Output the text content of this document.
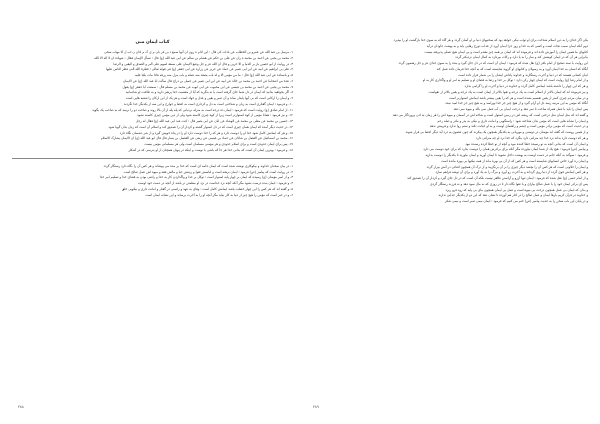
كتاب ايمان منی

۱- مرسل بن عبد الله عن عمرو بن الخطاب عن نادات کی قال : این ادام ه رون ان آنها سمع د بن غر بان م ی ک م ادان ن اب ل کا مهاب سخی

۲- محمد بن یحیی عن احمد بن محمد ه ران عن علی بن حکم عن هشام بن سالم عن ابی عبد الله (ع) قال : تسأل الإیمان فقال : شهادة ان لا اله الا الله

۳- در روايت از ابو حصين باز بر الدنيا و الا خرين و قال ان الله عز و جل وضع الايمان على سبعة اسهم على البر و الصدق و اليقين و الرضا

۴- علی بن ابراهیم عن ابیه عن ابن ابی عمیر عن حماد عن حریز عن زراره عن ابی جعفر (ع) فی قوله تعالی : فطرة الله التی فطر الناس علیها

۵- و باسناده عن ابی عبد الله (ع) قال : ما من مؤمن الا و له باب یصعد منه عمله و باب ینزل منه رزقه فاذا مات بکیا علیه

۶- عدة من اصحابنا عن احمد بن محمد بن خالد عن ابیه عن ابن ابی عمیر عن جمیل بن دراج قال سألت ابا عبد الله (ع) عن الایمان

۷- محمد بن یحیی عن احمد بن محمد بن عیسی عن ابن محبوب عن ابی ایوب عن محمد بن مسلم قال : سمعت ابا جعفر (ع) یقول

۸- اگر بخواهید بدانید که ایمان در دل شما جای گرفته است یا نه بنگرید که آیا از معصیت خدا پرهیز دارید و به طاعت او شادمانید

۹- و ایمان را ارکانی است که بی آنها پایدار نماند و آن صبر و یقین و عدل و جهاد است و هر یک از این ارکان را شعبه هایی است

۱۰- و فرمود : ایمان گفتاری است به زبان و شناختی است به دل و کرداری است به اعضا و جوارح و این سه از یکدیگر جدا نگردند

۱۱- از امام صادق (ع) روایت است که فرمود : ایمان ده درجه است به منزله نردبانی که پله پله از آن بالا روند و صاحب دو را نرسد که به صاحب یک بگوید

۱۲- و نیز فرمود : همانا مؤمن از کوه استوارتر است زیرا از کوه چیزی کاسته شود ولی از دین مؤمن چیزی کاسته نشود

۱۳- حسین بن محمد عن معلی بن محمد عن الوشاء عن ابان عن ابی بصیر قال : کنت عند ابی عبد الله (ع) فقال له رجل

۱۴- در حدیث دیگر آمده که ایمان همان چیزی است که در دل استوار گشته و کردار آن را تصدیق کند و اسلام آن است که زبان بدان گویا شود

۱۵- و هر که ایمانش کامل شود خدا او را دوست دارد و هر که را خدا دوست دارد او را در پناه خویش گیرد و از شر دشمنان نگاه دارد

۱۶- محمد بن اسماعیل عن الفضل بن شاذان عن حماد بن عیسی عن ربعی عن الفضیل بن یسار قال قال ابو عبد الله (ع) ان الایمان یشارک الاسلام

۱۷- پس برای ایمان حدودی است و برای اسلام حدودی و هر مؤمنی مسلمان است ولی هر مسلمانی مؤمن نیست

۱۸- و فرمود : بهترین ایمان آن است که بدانی خدا هر جا که باشی با توست و اینکه در پنهان همچنان از او بترسی که در آشکار

۱- در بیان سخنان خداوند و نیکوکاری نوشته شده است که ایمان جامه ای است که خدا بر بنده می پوشاند و هر کس آن را نگاه دارد رستگار گردد

۲- در روایت است که پیامبر (ص) فرمود : ایمان برهنه است و لباسش تقوا و زینتش حیا و مالش فقه و میوه اش عمل صالح است

۳- و از امیر مؤمنان (ع) رسیده که ایمان بر چهار پایه استوار است : توکل بر خدا و واگذاردن کار به خدا و راضی بودن به قضای خدا و تسلیم امر خدا

۴- و فرمود : ایمان بنده درست نشود مگر آنکه آنچه نزد خداست در نزد او مطمئن تر باشد از آنچه در دست خود اوست

۵- و گفته اند که هر کس را این چهار خصلت باشد ایمانش کامل است : وفای به عهد و راستی در گفتار و امانت داری و نیکویی خلق

۶- و در خبر است که مؤمن را هیچ چیز از دنیا به کار نیاید مگر آنچه او را به آخرت برساند و این نشانه ایمان است

۲۸۸

یکی اگر خدای را به دین اسلام شناخت برای او ثواب نیکی خواهد بود که سختیهای دنیا بر او آسان گردد و هر گاه که به سوی خدا بازگشت او را بپذیرد

دوم آنکه ایمان سبب نجات است و کسی که به خدا و روز جزا ایمان آورد از عذاب دوزخ رهایی یابد و به بهشت جاودان درآید

کتابهای ما همین ایمان را آموزش داده اند و فرموده اند که ایمان بر همه چیز مقدم است و بی ایمان هیچ عملی پذیرفته نیست

بنابراین هر آن که در ایمان کوشش کند و نماز را به پا دارد و زکات بپردازد به کمال ایمان نزدیکتر گردد

این روایت با سند صحیح از امام باقر (ع) نقل شده که فرمود : ایمان آن است که در دل جای گیرد و بنده را به سوی خدای عز و جل رهنمون گردد

آنگاه که انسان به خدا ایمان آورد و به رسولان و کتابهای او گروید شایسته است که به آنچه خدا فرمان داده عمل کند

اینان کسانی هستند که در دنیا و آخرت رستگارند و خداوند پاداش ایشان را بی شمار قرار داده است

و از امام رضا (ع) روایت است که ایمان چهار رکن دارد : توکل بر خدا و رضا به قضای او و تسلیم به امر او و واگذاری کار به او

و هر که این چهار را داشته باشد ایمانش کامل گردد و خداوند در دنیا و آخرت او را گرامی بدارد

و نیز فرموده اند که ایمان بالاتر از اسلام است به یک درجه و تقوا بالاتر از ایمان است به یک درجه و یقین بالاتر از تقواست

و در میان مردم چیزی کمتر از یقین تقسیم نشده است و هر که را یقین بیشتر باشد ایمانش استوارتر است

آنگاه که مؤمن به این مرتبه رسد دل او آرام گیرد و از هیچ چیز جز خدا نهراسد و به هیچ چیز جز خدا امید نبندد

پس ایمان را باید با عمل همراه ساخت تا ثمر دهد و درخت ایمان بی آب عمل نمی بالد و میوه نمی دهد

و گفته اند که مثل ایمان مثل درختی است که ریشه اش در زمین استوار است و شاخه اش در آسمان و میوه اش را هر زمان به اذن پروردگار می دهد

و ایمان را نشانه هایی است که مؤمن بدان شناخته شود : راستگویی و امانت داری و نیکی به پدر و مادر و صله رحم

و در حدیث است که مؤمن برادر مؤمن است و چشم و راهنمای اوست و به او خیانت نکند و ستم روا ندارد و فریبش ندهد

و از همین روست که گفته اند مؤمنان در دوستی و مهربانی به یکدیگر همچون یک پیکرند که چون عضوی به درد آید دیگر اعضا بی قرار شوند

و هر که دوست دارد بداند نزد خدا چه منزلتی دارد بنگرد که خدا نزد او چه منزلتی دارد

و ایمان آن است که بدانی آنچه به تو رسیده خطا کننده نبود و آنچه از تو خطا کرده رسنده نبود

و پیامبر (ص) فرمود : هیچ یک از شما ایمان نیاورده مگر آنکه برای برادرش همان را دوست بدارد که برای خود دوست می دارد

و فرمود : سوگند به آنکه جانم در دست اوست به بهشت داخل نشوید تا ایمان آورید و ایمان نیاورید تا یکدیگر را دوست بدارید

و ایمان ره آورد خاص انسانهای شایسته است و هر کس که از آن بی بهره ماند از همه نیکیها بی بهره مانده است

و ایمان را حلاوتی است که هر کس آن را بچشد دیگر چیزی را بر آن برنگزیند و از ترک آن همچون افتادن در آتش بیزار گردد

و هر کس ایمانش قوی گردد از دنیا روی گرداند و به آخرت رو آورد و مرگ را به یاد آورد و برای آن توشه فراهم سازد

و از امام حسن (ع) نقل شده که فرمود : ایمان تنها آرزو و آراستن ظاهر نیست بلکه آن است که در دل جای گیرد و کردار آن را تصدیق کند

پس ای برادر ایمان خود را با عمل صالح بیارای و با تقوا نگاه دار تا در روزی که نه مال سود دهد و نه فرزند رستگار گردی

و بدان که ایمان بی عمل همچون درخت بی میوه است و عمل بی ایمان همچون بنای بی پایه که زود فرو ریزد

و خداوند در قرآن کریم بارها ایمان و عمل صالح را در کنار هم آورده تا نشان دهد که این دو از یکدیگر جدایی ندارند

و در پایان این باب سخن را به حدیث پیامبر (ص) ختم می کنیم که فرمود : ایمان نیمی صبر است و نیمی شکر

۲۸۹
